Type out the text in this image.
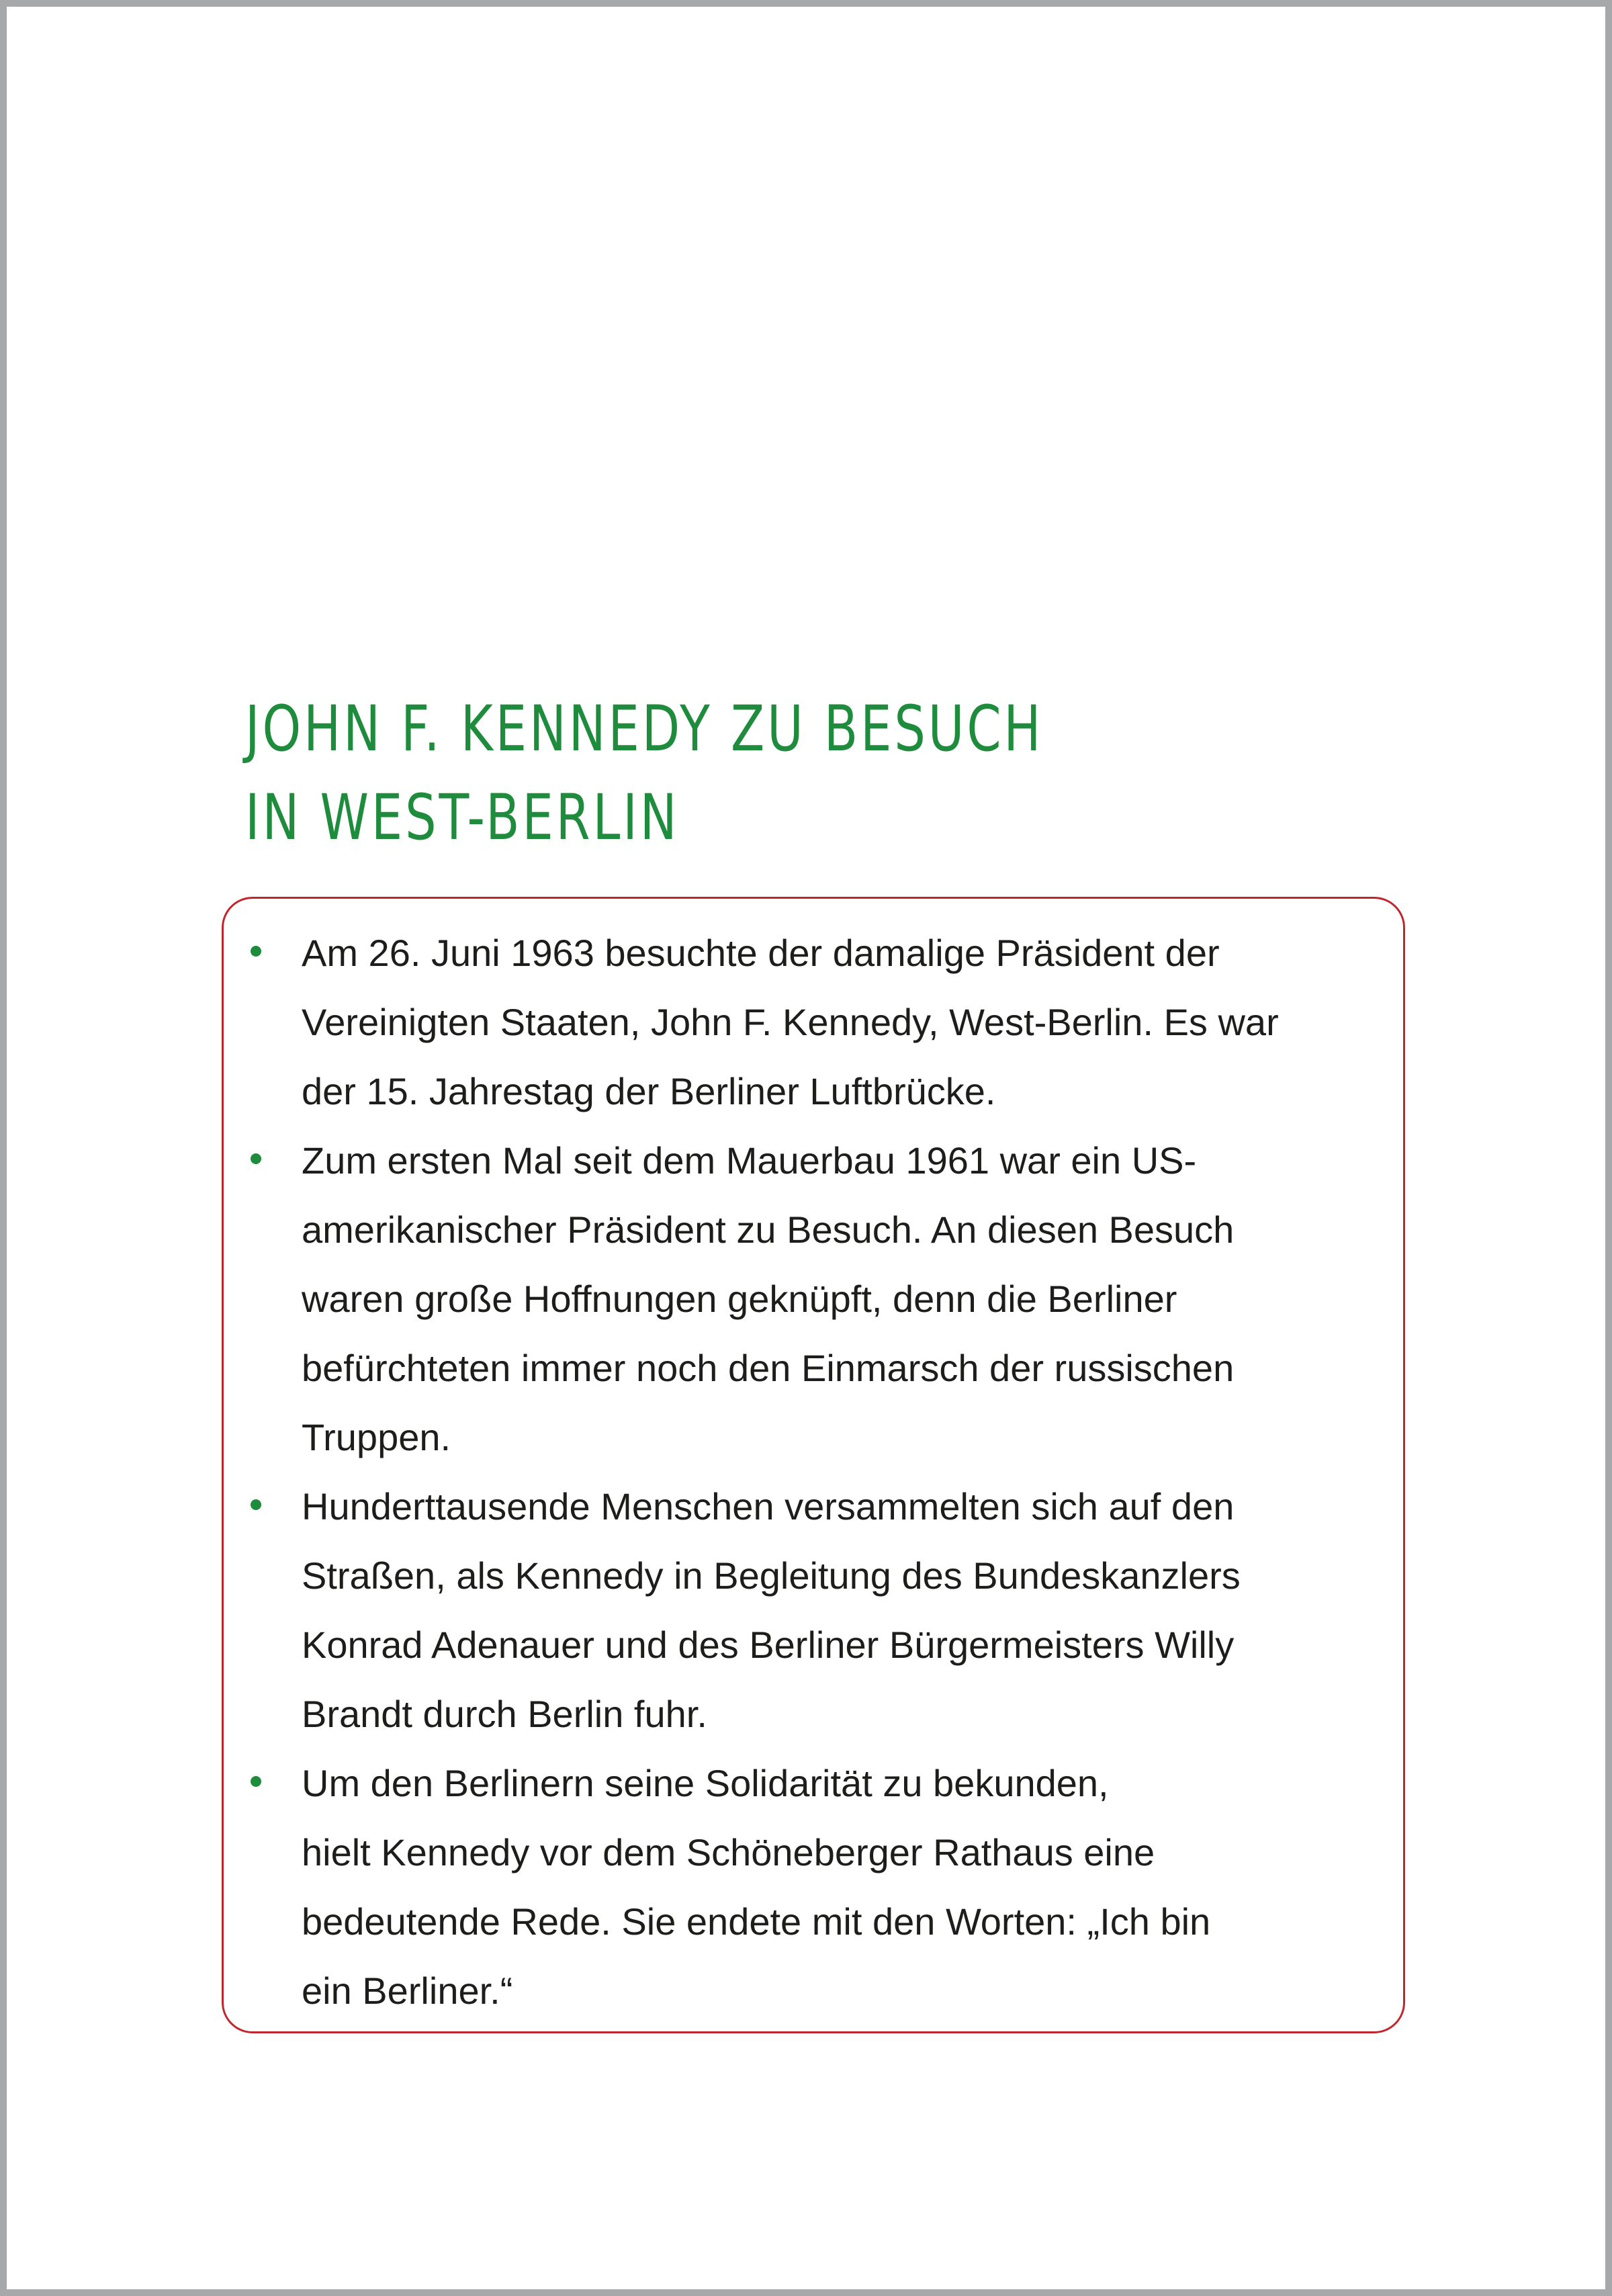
JOHN F. KENNEDY ZU BESUCH
IN WEST-BERLIN
Am 26. Juni 1963 besuchte der damalige Präsident der
Vereinigten Staaten, John F. Kennedy, West-Berlin. Es war
der 15. Jahrestag der Berliner Luftbrücke.
Zum ersten Mal seit dem Mauerbau 1961 war ein US-
amerikanischer Präsident zu Besuch. An diesen Besuch
waren große Hoffnungen geknüpft, denn die Berliner
befürchteten immer noch den Einmarsch der russischen
Truppen.
Hunderttausende Menschen versammelten sich auf den
Straßen, als Kennedy in Begleitung des Bundeskanzlers
Konrad Adenauer und des Berliner Bürgermeisters Willy
Brandt durch Berlin fuhr.
Um den Berlinern seine Solidarität zu bekunden,
hielt Kennedy vor dem Schöneberger Rathaus eine
bedeutende Rede. Sie endete mit den Worten: „Ich bin
ein Berliner.“
